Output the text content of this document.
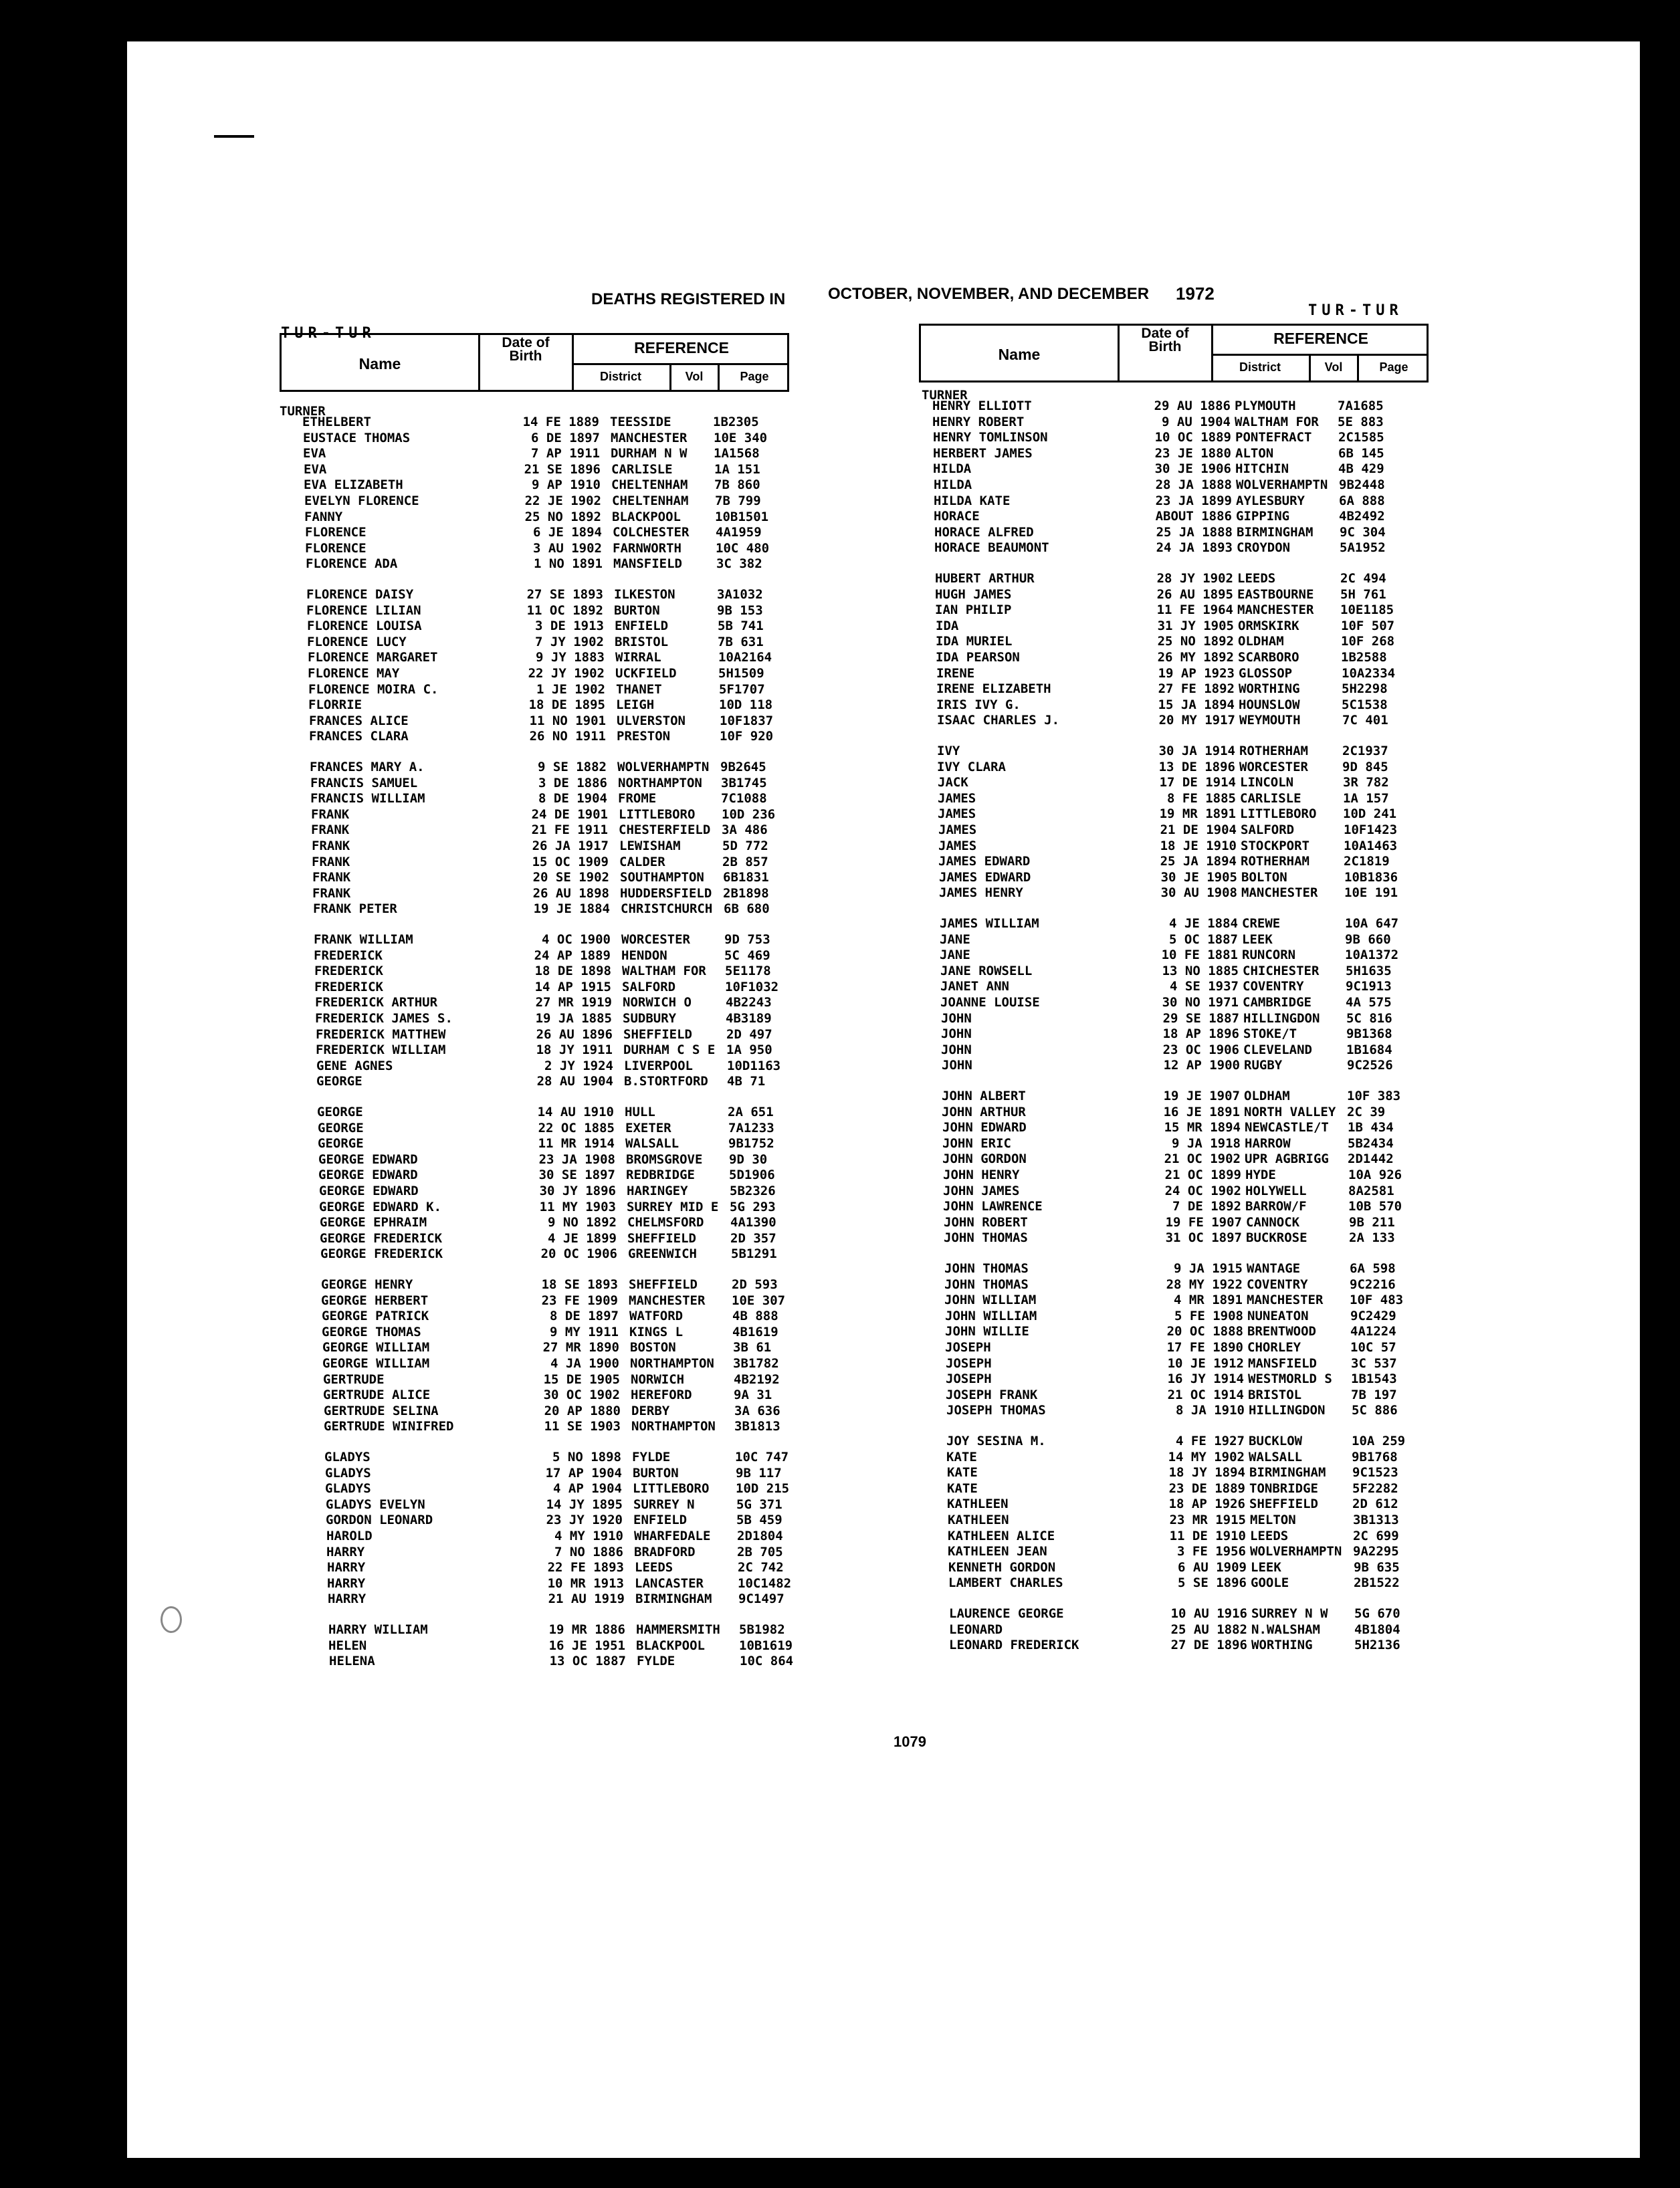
DEATHS REGISTERED IN	OCTOBER, NOVEMBER, AND DECEMBER 1972
TUR-TUR
TUR-TUR
Name
Date of Birth	REFERENCE
District	Vol	Page
Name
Date of Birth	REFERENCE
District	Vol	Page
TURNER
TURNER
ETHELBERT	14 FE 1889 TEESSIDE	1B2305
EUSTACE THOMAS	6 DE 1897 MANCHESTER 10E 340
EVA	7 AP 1911 DURHAM N W 1A1568
EVA	21 SE 1896 CARLISLE	1A 151
EVA ELIZABETH	9 AP 1910 CHELTENHAM 7B 860
EVELYN FLORENCE	22 JE 1902 CHELTENHAM 7B 799
FANNY	25 NO 1892 BLACKPOOL	10B1501
FLORENCE	6 JE 1894 COLCHESTER 4A1959
FLORENCE	3 AU 1902 FARNWORTH	10C 480
FLORENCE ADA	1 NO 1891 MANSFIELD	3C 382
FLORENCE DAISY	27 SE 1893 ILKESTON	3A1032
FLORENCE LILIAN	11 OC 1892 BURTON	9B 153
FLORENCE LOUISA	3 DE 1913 ENFIELD	5B 741
FLORENCE LUCY	7 JY 1902 BRISTOL	7B 631
FLORENCE MARGARET	9 JY 1883 WIRRAL	10A2164
FLORENCE MAY	22 JY 1902 UCKFIELD	5H1509
FLORENCE MOIRA C.	1 JE 1902 THANET	5F1707
FLORRIE	18 DE 1895 LEIGH	10D 118
FRANCES ALICE	11 NO 1901 ULVERSTON	10F1837
FRANCES CLARA	26 NO 1911 PRESTON	10F 920
FRANCES MARY A.	9 SE 1882 WOLVERHAMPTN 9B2645
FRANCIS SAMUEL	3 DE 1886 NORTHAMPTON 3B1745
FRANCIS WILLIAM	8 DE 1904 FROME	7C1088
FRANK	24 DE 1901 LITTLEBORO 10D 236
FRANK	21 FE 1911 CHESTERFIELD 3A 486
FRANK	26 JA 1917 LEWISHAM	5D 772
FRANK	15 OC 1909 CALDER	2B 857
FRANK	20 SE 1902 SOUTHAMPTON 6B1831
FRANK	26 AU 1898 HUDDERSFIELD 2B1898
FRANK PETER	19 JE 1884 CHRISTCHURCH 6B 680
FRANK WILLIAM	4 OC 1900 WORCESTER	9D 753
FREDERICK	24 AP 1889 HENDON	5C 469
FREDERICK	18 DE 1898 WALTHAM FOR 5E1178
FREDERICK	14 AP 1915 SALFORD	10F1032
FREDERICK ARTHUR	27 MR 1919 NORWICH O	4B2243
FREDERICK JAMES S.	19 JA 1885 SUDBURY	4B3189
FREDERICK MATTHEW	26 AU 1896 SHEFFIELD	2D 497
FREDERICK WILLIAM	18 JY 1911 DURHAM C S E 1A 950
GENE AGNES	2 JY 1924 LIVERPOOL	10D1163
GEORGE	28 AU 1904 B.STORTFORD 4B 71
GEORGE	14 AU 1910 HULL	2A 651
GEORGE	22 OC 1885 EXETER	7A1233
GEORGE	11 MR 1914 WALSALL	9B1752
GEORGE EDWARD	23 JA 1908 BROMSGROVE 9D 30
GEORGE EDWARD	30 SE 1897 REDBRIDGE	5D1906
GEORGE EDWARD	30 JY 1896 HARINGEY	5B2326
GEORGE EDWARD K.	11 MY 1903 SURREY MID E 5G 293
GEORGE EPHRAIM	9 NO 1892 CHELMSFORD 4A1390
GEORGE FREDERICK	4 JE 1899 SHEFFIELD	2D 357
GEORGE FREDERICK	20 OC 1906 GREENWICH	5B1291
GEORGE HENRY	18 SE 1893 SHEFFIELD	2D 593
GEORGE HERBERT	23 FE 1909 MANCHESTER 10E 307
GEORGE PATRICK	8 DE 1897 WATFORD	4B 888
GEORGE THOMAS	9 MY 1911 KINGS L	4B1619
GEORGE WILLIAM	27 MR 1890 BOSTON	3B 61
GEORGE WILLIAM	4 JA 1900 NORTHAMPTON 3B1782
GERTRUDE	15 DE 1905 NORWICH	4B2192
GERTRUDE ALICE	30 OC 1902 HEREFORD	9A 31
GERTRUDE SELINA	20 AP 1880 DERBY	3A 636
GERTRUDE WINIFRED	11 SE 1903 NORTHAMPTON 3B1813
GLADYS	5 NO 1898 FYLDE	10C 747
GLADYS	17 AP 1904 BURTON	9B 117
GLADYS	4 AP 1904 LITTLEBORO 10D 215
GLADYS EVELYN	14 JY 1895 SURREY N	5G 371
GORDON LEONARD	23 JY 1920 ENFIELD	5B 459
HAROLD	4 MY 1910 WHARFEDALE 2D1804
HARRY	7 NO 1886 BRADFORD	2B 705
HARRY	22 FE 1893 LEEDS	2C 742
HARRY	10 MR 1913 LANCASTER	10C1482
HARRY	21 AU 1919 BIRMINGHAM 9C1497
HARRY WILLIAM	19 MR 1886 HAMMERSMITH 5B1982
HELEN	16 JE 1951 BLACKPOOL	10B1619
HELENA	13 OC 1887 FYLDE	10C 864
HENRY ELLIOTT	29 AU 1886 PLYMOUTH	7A1685
HENRY ROBERT	9 AU 1904 WALTHAM FOR 5E 883
HENRY TOMLINSON	10 OC 1889 PONTEFRACT 2C1585
HERBERT JAMES	23 JE 1880 ALTON	6B 145
HILDA	30 JE 1906 HITCHIN	4B 429
HILDA	28 JA 1888 WOLVERHAMPTN 9B2448
HILDA KATE	23 JA 1899 AYLESBURY	6A 888
HORACE	ABOUT 1886 GIPPING	4B2492
HORACE ALFRED	25 JA 1888 BIRMINGHAM 9C 304
HORACE BEAUMONT	24 JA 1893 CROYDON	5A1952
HUBERT ARTHUR	28 JY 1902 LEEDS	2C 494
HUGH JAMES	26 AU 1895 EASTBOURNE 5H 761
IAN PHILIP	11 FE 1964 MANCHESTER 10E1185
IDA	31 JY 1905 ORMSKIRK	10F 507
IDA MURIEL	25 NO 1892 OLDHAM	10F 268
IDA PEARSON	26 MY 1892 SCARBORO	1B2588
IRENE	19 AP 1923 GLOSSOP	10A2334
IRENE ELIZABETH	27 FE 1892 WORTHING	5H2298
IRIS IVY G.	15 JA 1894 HOUNSLOW	5C1538
ISAAC CHARLES J.	20 MY 1917 WEYMOUTH	7C 401
IVY	30 JA 1914 ROTHERHAM	2C1937
IVY CLARA	13 DE 1896 WORCESTER	9D 845
JACK	17 DE 1914 LINCOLN	3R 782
JAMES	8 FE 1885 CARLISLE	1A 157
JAMES	19 MR 1891 LITTLEBORO 10D 241
JAMES	21 DE 1904 SALFORD	10F1423
JAMES	18 JE 1910 STOCKPORT	10A1463
JAMES EDWARD	25 JA 1894 ROTHERHAM	2C1819
JAMES EDWARD	30 JE 1905 BOLTON	10B1836
JAMES HENRY	30 AU 1908 MANCHESTER 10E 191
JAMES WILLIAM	4 JE 1884 CREWE	10A 647
JANE	5 OC 1887 LEEK	9B 660
JANE	10 FE 1881 RUNCORN	10A1372
JANE ROWSELL	13 NO 1885 CHICHESTER 5H1635
JANET ANN	4 SE 1937 COVENTRY	9C1913
JOANNE LOUISE	30 NO 1971 CAMBRIDGE	4A 575
JOHN	29 SE 1887 HILLINGDON 5C 816
JOHN	18 AP 1896 STOKE/T	9B1368
JOHN	23 OC 1906 CLEVELAND	1B1684
JOHN	12 AP 1900 RUGBY	9C2526
JOHN ALBERT	19 JE 1907 OLDHAM	10F 383
JOHN ARTHUR	16 JE 1891 NORTH VALLEY 2C 39
JOHN EDWARD	15 MR 1894 NEWCASTLE/T 1B 434
JOHN ERIC	9 JA 1918 HARROW	5B2434
JOHN GORDON	21 OC 1902 UPR AGBRIGG 2D1442
JOHN HENRY	21 OC 1899 HYDE	10A 926
JOHN JAMES	24 OC 1902 HOLYWELL	8A2581
JOHN LAWRENCE	7 DE 1892 BARROW/F	10B 570
JOHN ROBERT	19 FE 1907 CANNOCK	9B 211
JOHN THOMAS	31 OC 1897 BUCKROSE	2A 133
JOHN THOMAS	9 JA 1915 WANTAGE	6A 598
JOHN THOMAS	28 MY 1922 COVENTRY	9C2216
JOHN WILLIAM	4 MR 1891 MANCHESTER 10F 483
JOHN WILLIAM	5 FE 1908 NUNEATON	9C2429
JOHN WILLIE	20 OC 1888 BRENTWOOD	4A1224
JOSEPH	17 FE 1890 CHORLEY	10C 57
JOSEPH	10 JE 1912 MANSFIELD	3C 537
JOSEPH	16 JY 1914 WESTMORLD S 1B1543
JOSEPH FRANK	21 OC 1914 BRISTOL	7B 197
JOSEPH THOMAS	8 JA 1910 HILLINGDON 5C 886
JOY SESINA M.	4 FE 1927 BUCKLOW	10A 259
KATE	14 MY 1902 WALSALL	9B1768
KATE	18 JY 1894 BIRMINGHAM 9C1523
KATE	23 DE 1889 TONBRIDGE	5F2282
KATHLEEN	18 AP 1926 SHEFFIELD	2D 612
KATHLEEN	23 MR 1915 MELTON	3B1313
KATHLEEN ALICE	11 DE 1910 LEEDS	2C 699
KATHLEEN JEAN	3 FE 1956 WOLVERHAMPTN 9A2295
KENNETH GORDON	6 AU 1909 LEEK	9B 635
LAMBERT CHARLES	5 SE 1896 GOOLE	2B1522
LAURENCE GEORGE	10 AU 1916 SURREY N W 5G 670
LEONARD	25 AU 1882 N.WALSHAM	4B1804
LEONARD FREDERICK	27 DE 1896 WORTHING	5H2136
1079
